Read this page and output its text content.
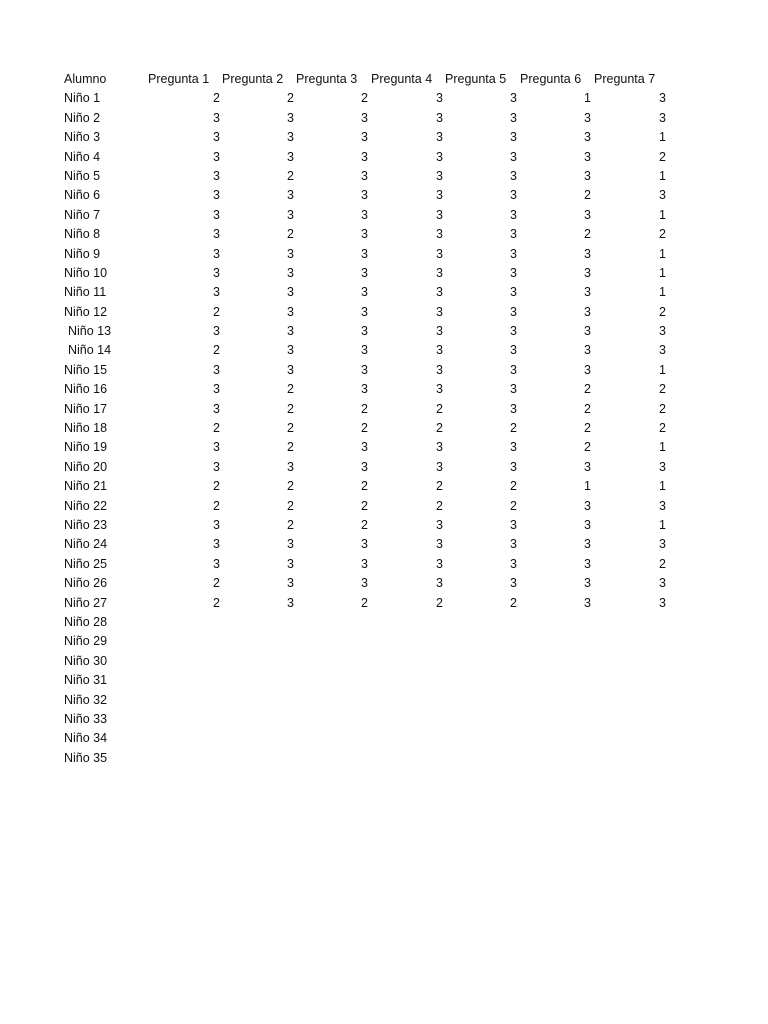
Alumno	Pregunta 1 Pregunta 2 Pregunta 3 Pregunta 4 Pregunta 5 Pregunta 6 Pregunta 7
Niño 1	2	2	2	3	3	1	3
Niño 2	3	3	3	3	3	3	3
Niño 3	3	3	3	3	3	3	1
Niño 4	3	3	3	3	3	3	2
Niño 5	3	2	3	3	3	3	1
Niño 6	3	3	3	3	3	2	3
Niño 7	3	3	3	3	3	3	1
Niño 8	3	2	3	3	3	2	2
Niño 9	3	3	3	3	3	3	1
Niño 10	3	3	3	3	3	3	1
Niño 11	3	3	3	3	3	3	1
Niño 12	2	3	3	3	3	3	2
Niño 13	3	3	3	3	3	3	3
Niño 14	2	3	3	3	3	3	3
Niño 15	3	3	3	3	3	3	1
Niño 16	3	2	3	3	3	2	2
Niño 17	3	2	2	2	3	2	2
Niño 18	2	2	2	2	2	2	2
Niño 19	3	2	3	3	3	2	1
Niño 20	3	3	3	3	3	3	3
Niño 21	2	2	2	2	2	1	1
Niño 22	2	2	2	2	2	3	3
Niño 23	3	2	2	3	3	3	1
Niño 24	3	3	3	3	3	3	3
Niño 25	3	3	3	3	3	3	2
Niño 26	2	3	3	3	3	3	3
Niño 27	2	3	2	2	2	3	3
Niño 28
Niño 29
Niño 30
Niño 31
Niño 32
Niño 33
Niño 34
Niño 35
